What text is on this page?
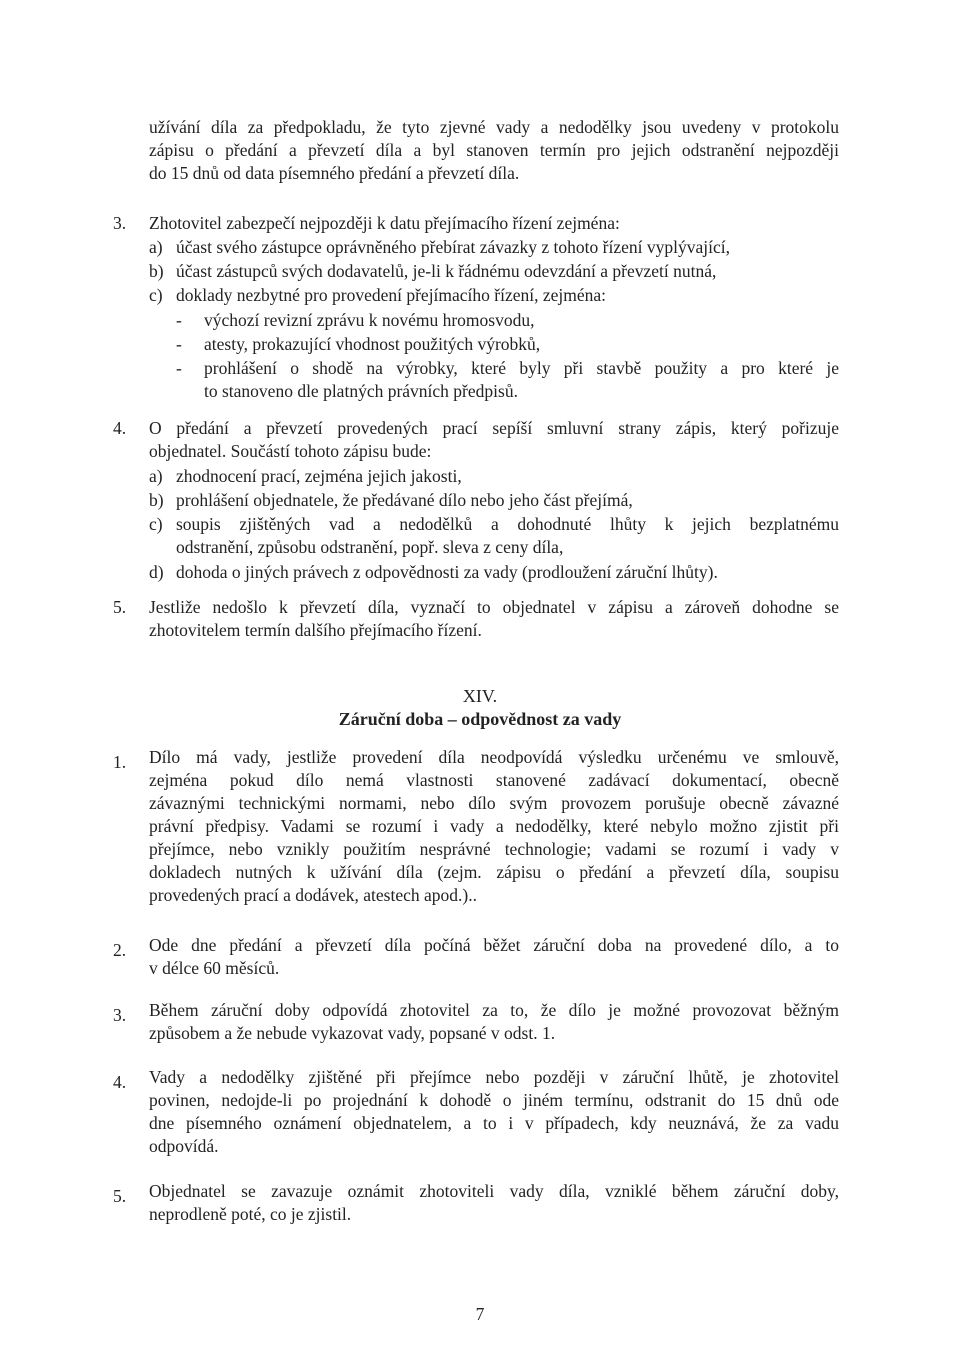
užívání díla za předpokladu, že tyto zjevné vady a nedodělky jsou uvedeny v protokolu
zápisu o předání a převzetí díla a byl stanoven termín pro jejich odstranění nejpozději
do 15 dnů od data písemného předání a převzetí díla.
3. Zhotovitel zabezpečí nejpozději k datu přejímacího řízení zejména:
a) účast svého zástupce oprávněného přebírat závazky z tohoto řízení vyplývající,
b) účast zástupců svých dodavatelů, je-li k řádnému odevzdání a převzetí nutná,
c) doklady nezbytné pro provedení přejímacího řízení, zejména:
- výchozí revizní zprávu k novému hromosvodu,
- atesty, prokazující vhodnost použitých výrobků,
- prohlášení o shodě na výrobky, které byly při stavbě použity a pro které je
to stanoveno dle platných právních předpisů.
4. O předání a převzetí provedených prací sepíší smluvní strany zápis, který pořizuje
objednatel. Součástí tohoto zápisu bude:
a) zhodnocení prací, zejména jejich jakosti,
b) prohlášení objednatele, že předávané dílo nebo jeho část přejímá,
c) soupis zjištěných vad a nedodělků a dohodnuté lhůty k jejich bezplatnému
odstranění, způsobu odstranění, popř. sleva z ceny díla,
d) dohoda o jiných právech z odpovědnosti za vady (prodloužení záruční lhůty).
5. Jestliže nedošlo k převzetí díla, vyznačí to objednatel v zápisu a zároveň dohodne se
zhotovitelem termín dalšího přejímacího řízení.
XIV.
Záruční doba – odpovědnost za vady
1. Dílo má vady, jestliže provedení díla neodpovídá výsledku určenému ve smlouvě,
zejména pokud dílo nemá vlastnosti stanovené zadávací dokumentací, obecně
závaznými technickými normami, nebo dílo svým provozem porušuje obecně závazné
právní předpisy. Vadami se rozumí i vady a nedodělky, které nebylo možno zjistit při
přejímce, nebo vznikly použitím nesprávné technologie; vadami se rozumí i vady v
dokladech nutných k užívání díla (zejm. zápisu o předání a převzetí díla, soupisu
provedených prací a dodávek, atestech apod.)..
2. Ode dne předání a převzetí díla počíná běžet záruční doba na provedené dílo, a to
v délce 60 měsíců.
3. Během záruční doby odpovídá zhotovitel za to, že dílo je možné provozovat běžným
způsobem a že nebude vykazovat vady, popsané v odst. 1.
4. Vady a nedodělky zjištěné při přejímce nebo později v záruční lhůtě, je zhotovitel
povinen, nedojde-li po projednání k dohodě o jiném termínu, odstranit do 15 dnů ode
dne písemného oznámení objednatelem, a to i v případech, kdy neuznává, že za vadu
odpovídá.
5. Objednatel se zavazuje oznámit zhotoviteli vady díla, vzniklé během záruční doby,
neprodleně poté, co je zjistil.
7
